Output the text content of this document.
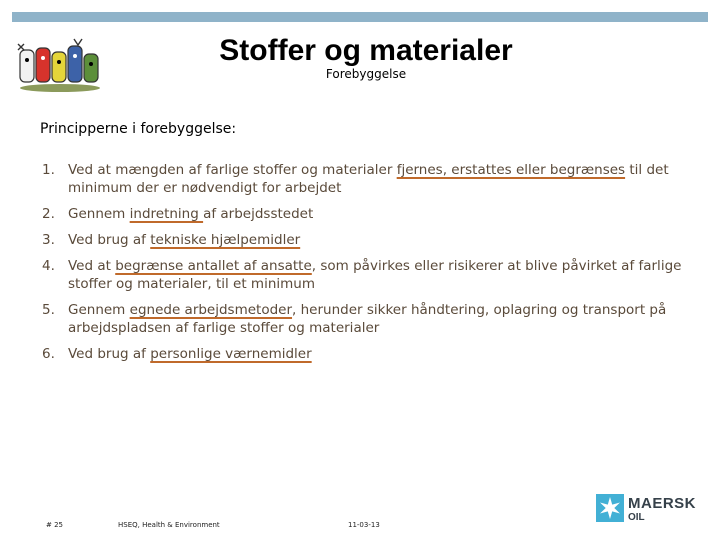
Stoffer og materialer
Forebyggelse
Principperne i forebyggelse:
1. Ved at mængden af farlige stoffer og materialer fjernes, erstattes eller begrænses til det minimum der er nødvendigt for arbejdet
2. Gennem indretning af arbejdsstedet
3. Ved brug af tekniske hjælpemidler
4. Ved at begrænse antallet af ansatte, som påvirkes eller risikerer at blive påvirket af farlige stoffer og materialer, til et minimum
5. Gennem egnede arbejdsmetoder, herunder sikker håndtering, oplagring og transport på arbejdspladsen af farlige stoffer og materialer
6. Ved brug af personlige værnemidler
# 25	HSEQ, Health & Environment	11-03-13
MAERSK
OIL
